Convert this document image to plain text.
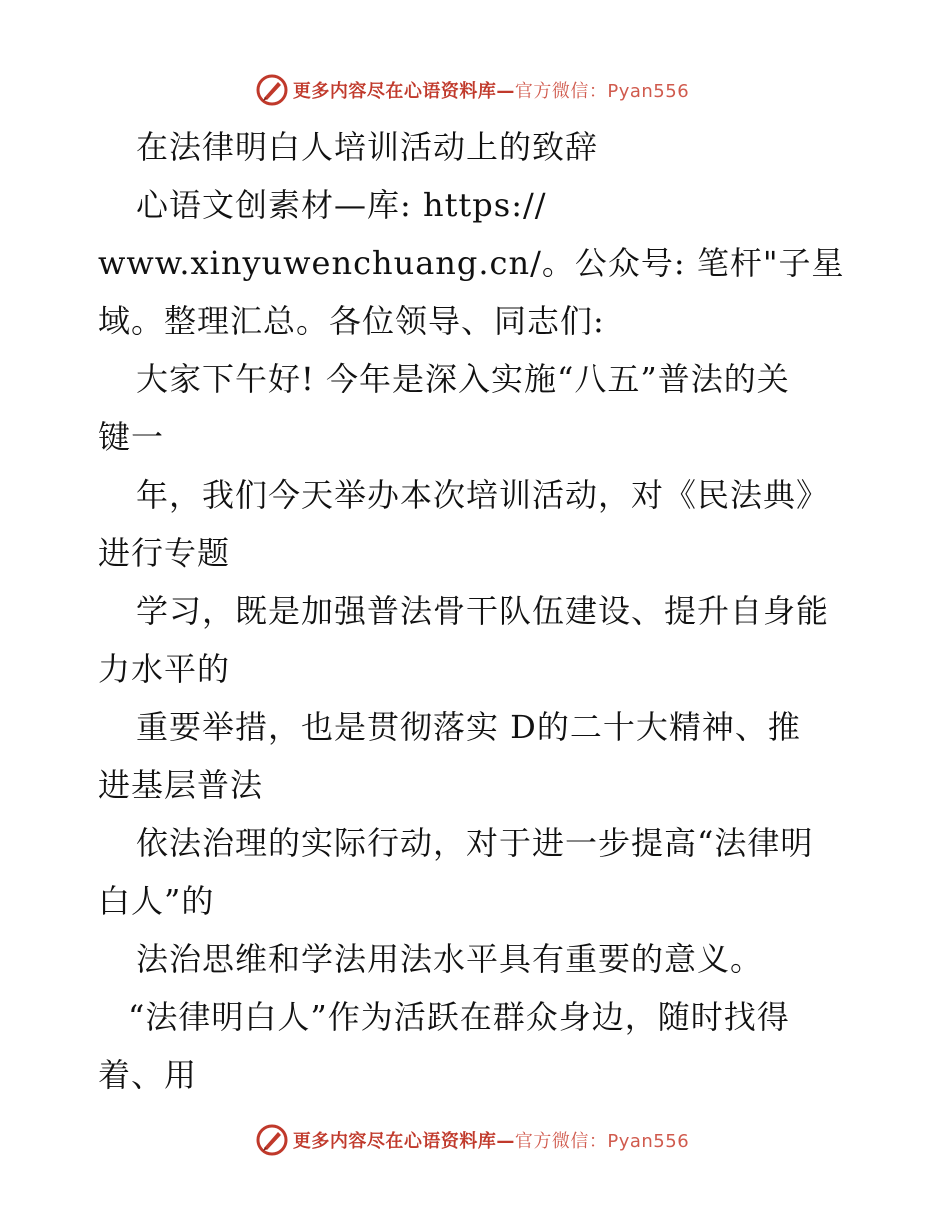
更多内容尽在心语资料库—官方微信：Pyan556
在法律明白人培训活动上的致辞
心语文创素材—库: https://
www.xinyuwenchuang.cn/。公众号: 笔杆"子星
域。整理汇总。各位领导、同志们:
大家下午好! 今年是深入实施“八五”普法的关
键一
年，我们今天举办本次培训活动，对《民法典》
进行专题
学习，既是加强普法骨干队伍建设、提升自身能
力水平的
重要举措，也是贯彻落实 D的二十大精神、推
进基层普法
依法治理的实际行动，对于进一步提高“法律明
白人”的
法治思维和学法用法水平具有重要的意义。
“法律明白人”作为活跃在群众身边，随时找得
着、用
更多内容尽在心语资料库—官方微信：Pyan556
